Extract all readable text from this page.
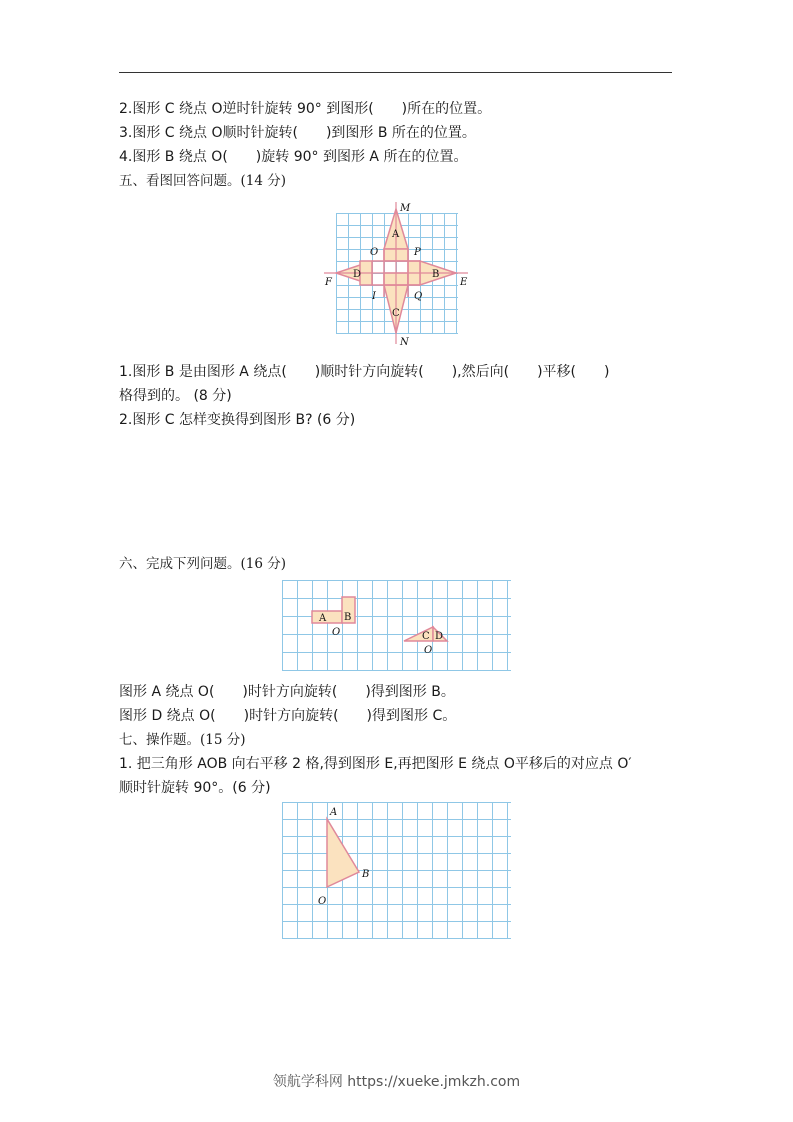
2.图形 C 绕点 O逆时针旋转 90° 到图形(　　)所在的位置。
3.图形 C 绕点 O顺时针旋转(　　)到图形 B 所在的位置。
4.图形 B 绕点 O(　　)旋转 90° 到图形 A 所在的位置。
五、看图回答问题。(14 分)
A
B
C
D
M
N
E
F
O	P
I	Q
1.图形 B 是由图形 A 绕点(　　)顺时针方向旋转(　　),然后向(　　)平移(　　)
格得到的。 (8 分)
2.图形 C 怎样变换得到图形 B? (6 分)
六、完成下列问题。(16 分)
A B
C D
O
O
图形 A 绕点 O(　　)时针方向旋转(　　)得到图形 B。
图形 D 绕点 O(　　)时针方向旋转(　　)得到图形 C。
七、操作题。(15 分)
1. 把三角形 AOB 向右平移 2 格,得到图形 E,再把图形 E 绕点 O平移后的对应点 O′
顺时针旋转 90°。(6 分)
A
B
O
领航学科网 https://xueke.jmkzh.com
